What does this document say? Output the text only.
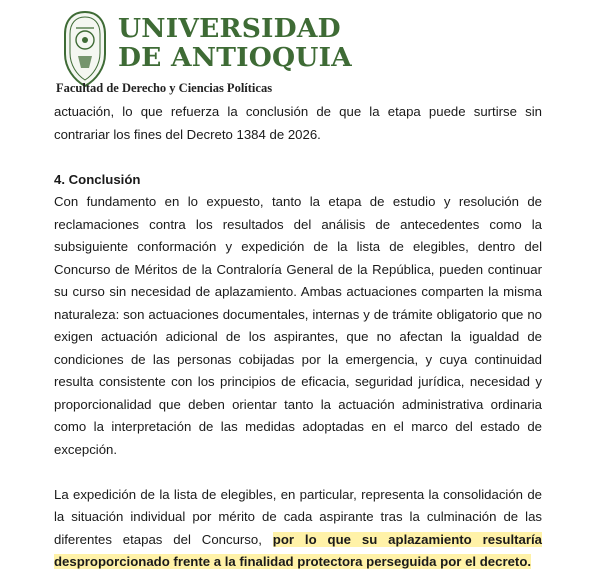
UNIVERSIDAD
DE ANTIOQUIA
Facultad de Derecho y Ciencias Políticas

actuación, lo que refuerza la conclusión de que la etapa puede surtirse sin contrariar los fines del Decreto 1384 de 2026.

4. Conclusión

Con fundamento en lo expuesto, tanto la etapa de estudio y resolución de reclamaciones contra los resultados del análisis de antecedentes como la subsiguiente conformación y expedición de la lista de elegibles, dentro del Concurso de Méritos de la Contraloría General de la República, pueden continuar su curso sin necesidad de aplazamiento. Ambas actuaciones comparten la misma naturaleza: son actuaciones documentales, internas y de trámite obligatorio que no exigen actuación adicional de los aspirantes, que no afectan la igualdad de condiciones de las personas cobijadas por la emergencia, y cuya continuidad resulta consistente con los principios de eficacia, seguridad jurídica, necesidad y proporcionalidad que deben orientar tanto la actuación administrativa ordinaria como la interpretación de las medidas adoptadas en el marco del estado de excepción.

La expedición de la lista de elegibles, en particular, representa la consolidación de la situación individual por mérito de cada aspirante tras la culminación de las diferentes etapas del Concurso, por lo que su aplazamiento resultaría desproporcionado frente a la finalidad protectora perseguida por el decreto.
